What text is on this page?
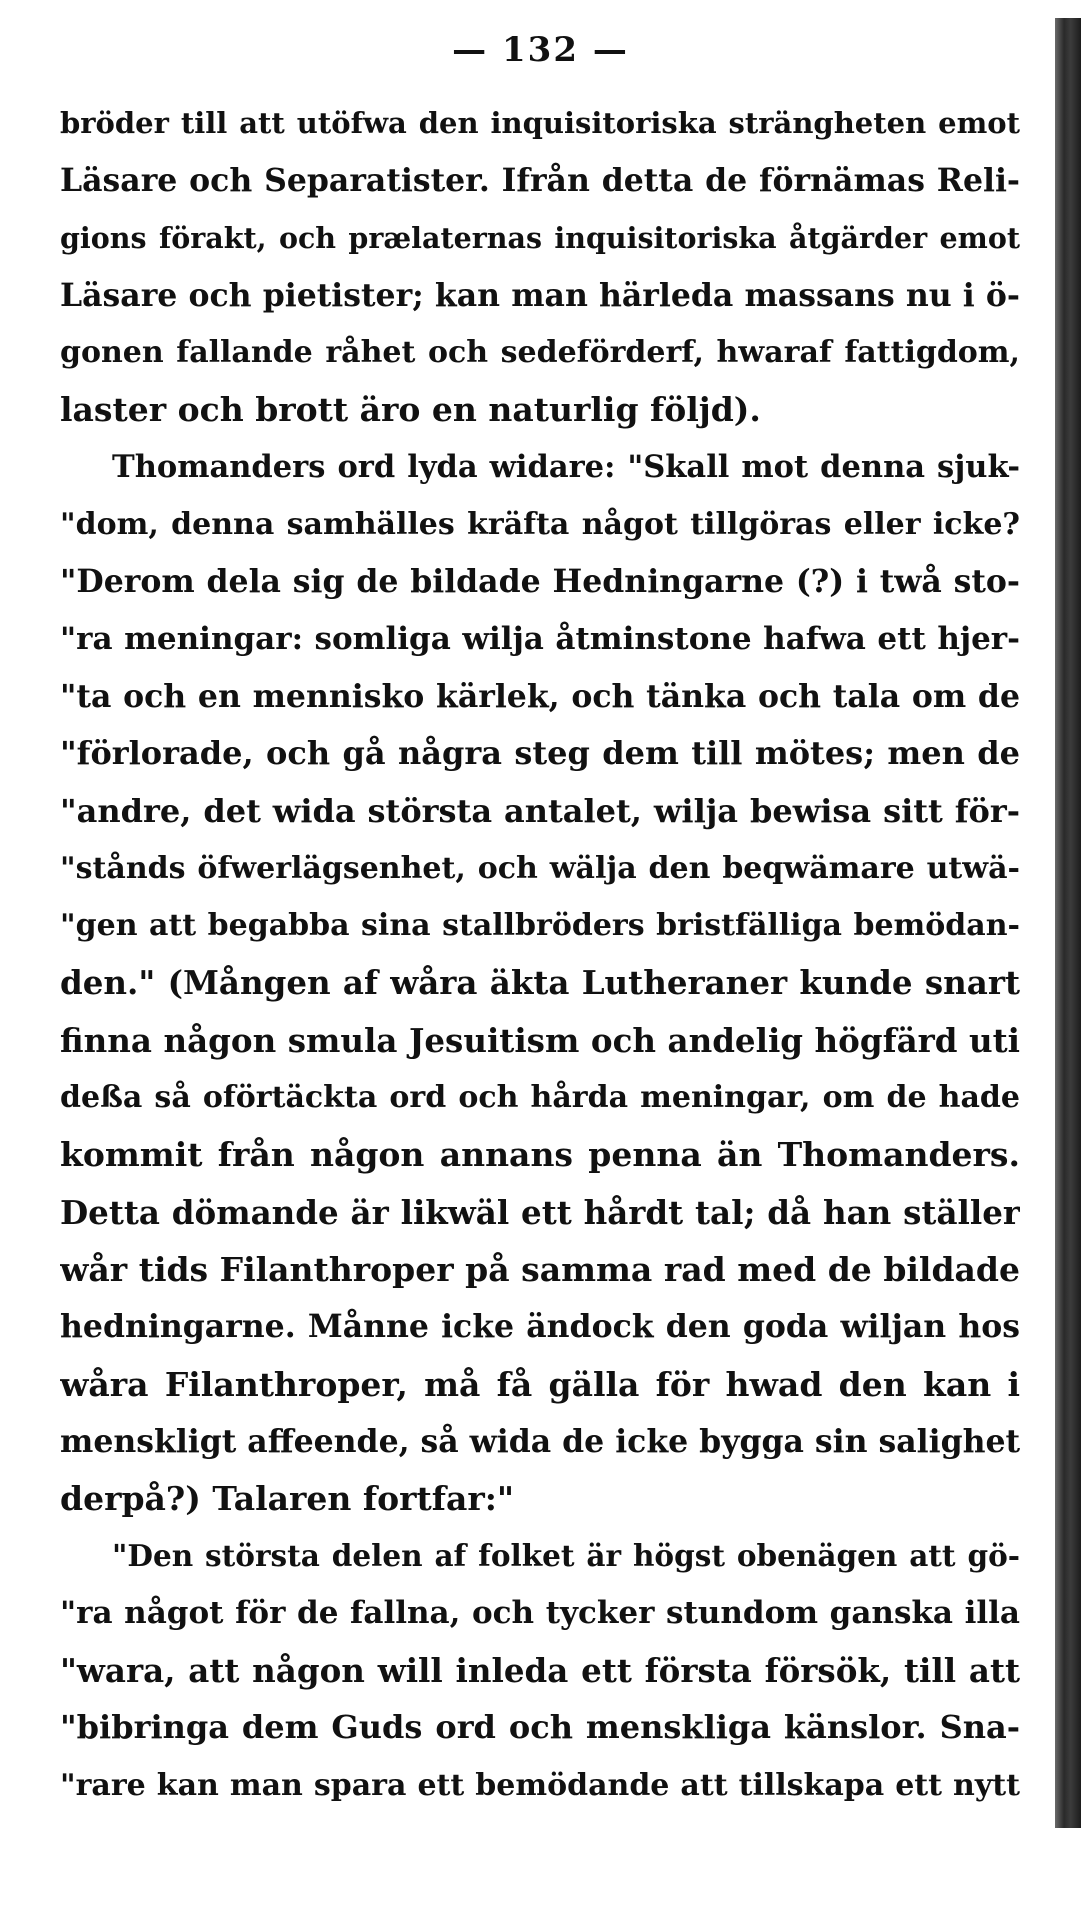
— 132 —
bröder till att utöfwa den inquisitoriska strängheten emot
Läsare och Separatister. Ifrån detta de förnämas Reli-
gions förakt, och prælaternas inquisitoriska åtgärder emot
Läsare och pietister; kan man härleda massans nu i ö-
gonen fallande råhet och sedeförderf, hwaraf fattigdom,
laster och brott äro en naturlig följd).
Thomanders ord lyda widare: "Skall mot denna sjuk-
"dom, denna samhälles kräfta något tillgöras eller icke?
"Derom dela sig de bildade Hedningarne (?) i twå sto-
"ra meningar: somliga wilja åtminstone hafwa ett hjer-
"ta och en mennisko kärlek, och tänka och tala om de
"förlorade, och gå några steg dem till mötes; men de
"andre, det wida största antalet, wilja bewisa sitt för-
"stånds öfwerlägsenhet, och wälja den beqwämare utwä-
"gen att begabba sina stallbröders bristfälliga bemödan-
den." (Mången af wåra äkta Lutheraner kunde snart
finna någon smula Jesuitism och andelig högfärd uti
deßa så oförtäckta ord och hårda meningar, om de hade
kommit från någon annans penna än Thomanders.
Detta dömande är likwäl ett hårdt tal; då han ställer
wår tids Filanthroper på samma rad med de bildade
hedningarne. Månne icke ändock den goda wiljan hos
wåra Filanthroper, må få gälla för hwad den kan i
menskligt affeende, så wida de icke bygga sin salighet
derpå?) Talaren fortfar:"
"Den största delen af folket är högst obenägen att gö-
"ra något för de fallna, och tycker stundom ganska illa
"wara, att någon will inleda ett första försök, till att
"bibringa dem Guds ord och menskliga känslor. Sna-
"rare kan man spara ett bemödande att tillskapa ett nytt
